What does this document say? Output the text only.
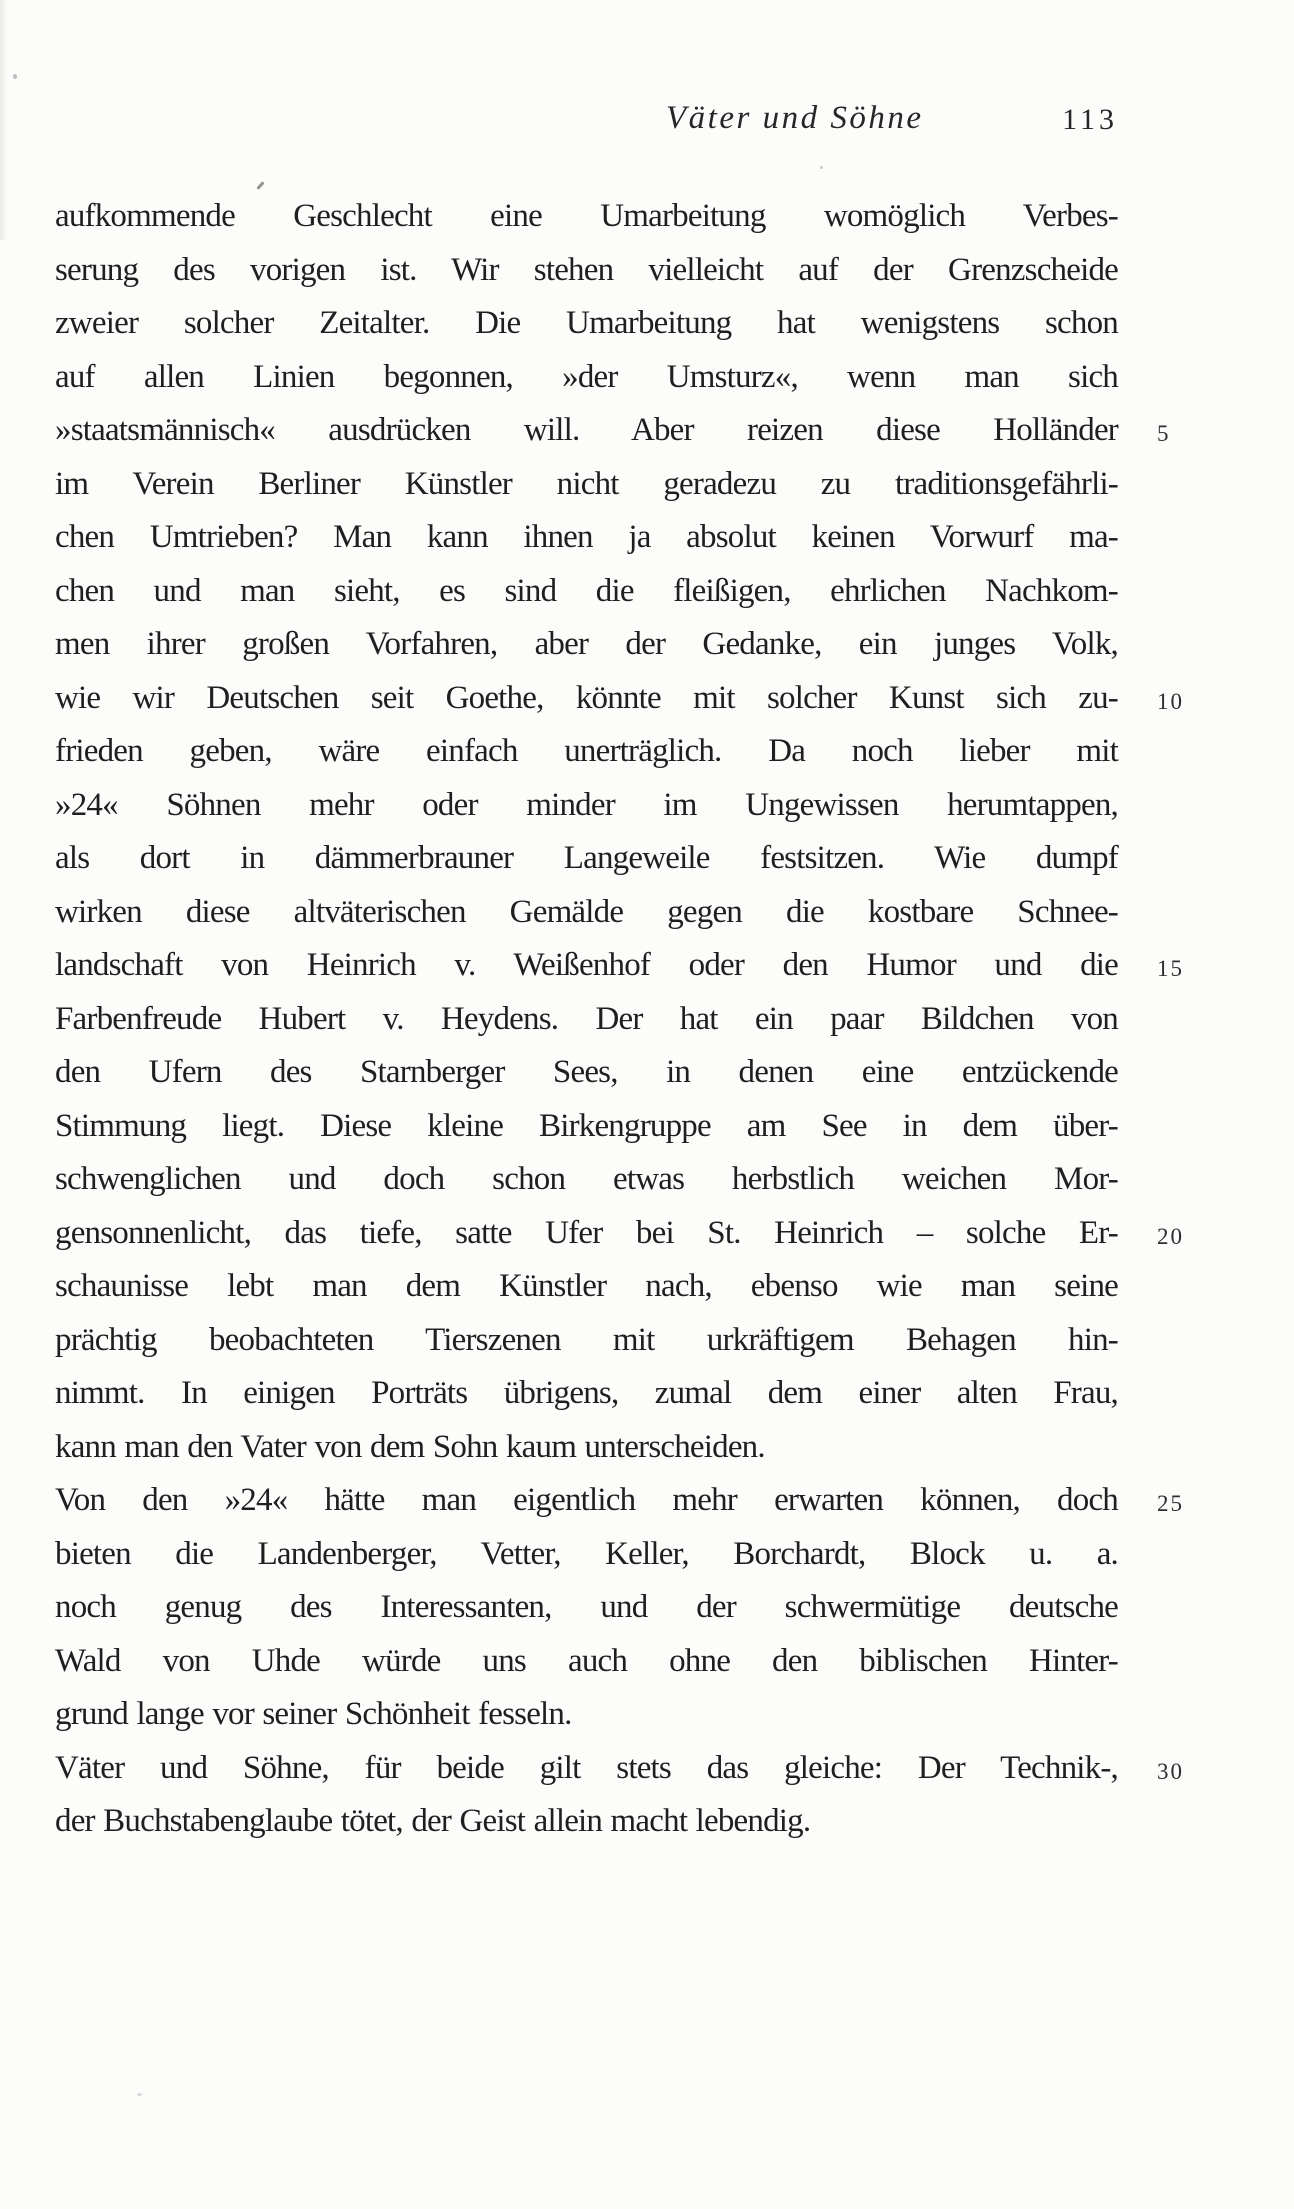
Väter und Söhne	113
aufkommende Geschlecht eine Umarbeitung womöglich Verbes-
serung des vorigen ist. Wir stehen vielleicht auf der Grenzscheide
zweier solcher Zeitalter. Die Umarbeitung hat wenigstens schon
auf allen Linien begonnen, »der Umsturz«, wenn man sich
»staatsmännisch« ausdrücken will. Aber reizen diese Holländer 5
im Verein Berliner Künstler nicht geradezu zu traditionsgefährli-
chen Umtrieben? Man kann ihnen ja absolut keinen Vorwurf ma-
chen und man sieht, es sind die fleißigen, ehrlichen Nachkom-
men ihrer großen Vorfahren, aber der Gedanke, ein junges Volk,
wie wir Deutschen seit Goethe, könnte mit solcher Kunst sich zu- 10
frieden geben, wäre einfach unerträglich. Da noch lieber mit
»24« Söhnen mehr oder minder im Ungewissen herumtappen,
als dort in dämmerbrauner Langeweile festsitzen. Wie dumpf
wirken diese altväterischen Gemälde gegen die kostbare Schnee-
landschaft von Heinrich v. Weißenhof oder den Humor und die 15
Farbenfreude Hubert v. Heydens. Der hat ein paar Bildchen von
den Ufern des Starnberger Sees, in denen eine entzückende
Stimmung liegt. Diese kleine Birkengruppe am See in dem über-
schwenglichen und doch schon etwas herbstlich weichen Mor-
gensonnenlicht, das tiefe, satte Ufer bei St. Heinrich – solche Er- 20
schaunisse lebt man dem Künstler nach, ebenso wie man seine
prächtig beobachteten Tierszenen mit urkräftigem Behagen hin-
nimmt. In einigen Porträts übrigens, zumal dem einer alten Frau,
kann man den Vater von dem Sohn kaum unterscheiden.
Von den »24« hätte man eigentlich mehr erwarten können, doch 25
bieten die Landenberger, Vetter, Keller, Borchardt, Block u. a.
noch genug des Interessanten, und der schwermütige deutsche
Wald von Uhde würde uns auch ohne den biblischen Hinter-
grund lange vor seiner Schönheit fesseln.
Väter und Söhne, für beide gilt stets das gleiche: Der Technik-, 30
der Buchstabenglaube tötet, der Geist allein macht lebendig.
